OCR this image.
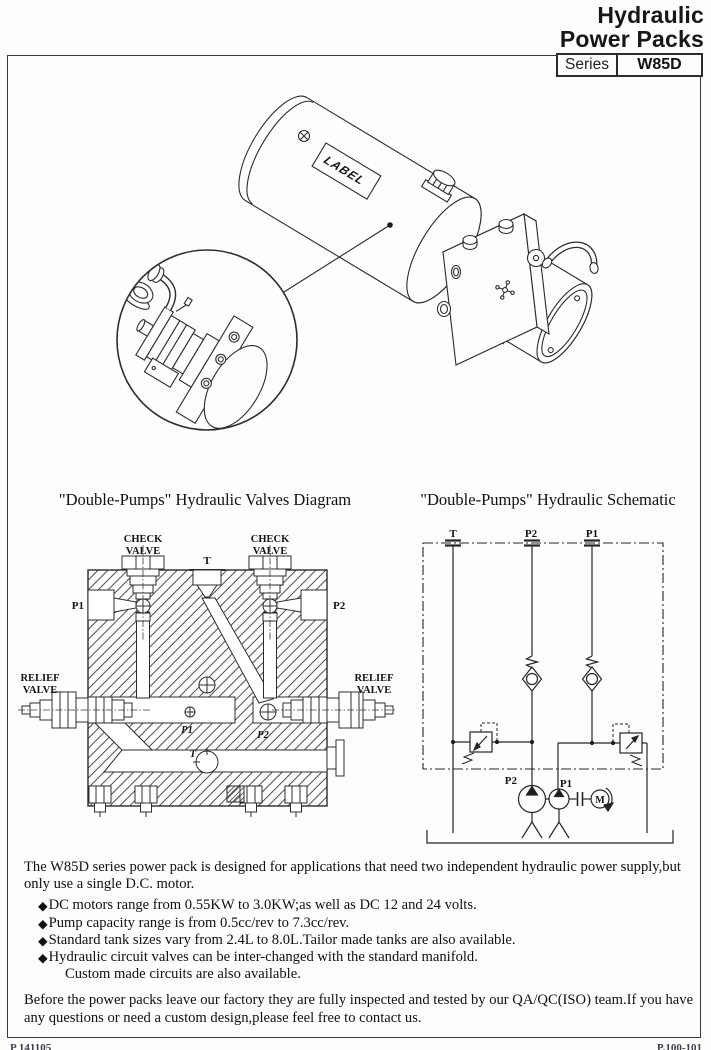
Hydraulic
Power Packs
Series	W85D
"Double-Pumps" Hydraulic Valves Diagram	"Double-Pumps" Hydraulic Schematic
LABEL
CHECK
VALVE
CHECK
VALVE
RELIEF
VALVE
RELIEF
VALVE
T
P1	P2
P1	P2
T
T	P2	P1
P2	P1
M
The W85D series power pack is designed for applications that need two independent hydraulic power supply,but only use a single D.C. motor.
◆ DC motors range from 0.55KW to 3.0KW;as well as DC 12 and 24 volts.
◆ Pump capacity range is from 0.5cc/rev to 7.3cc/rev.
◆ Standard tank sizes vary from 2.4L to 8.0L.Tailor made tanks are also available.
◆ Hydraulic circuit valves can be inter-changed with the standard manifold.
Custom made circuits are also available.
Before the power packs leave our factory they are fully inspected and tested by our QA/QC(ISO) team.If you have any questions or need a custom design,please feel free to contact us.
P 141105	P.100-101
